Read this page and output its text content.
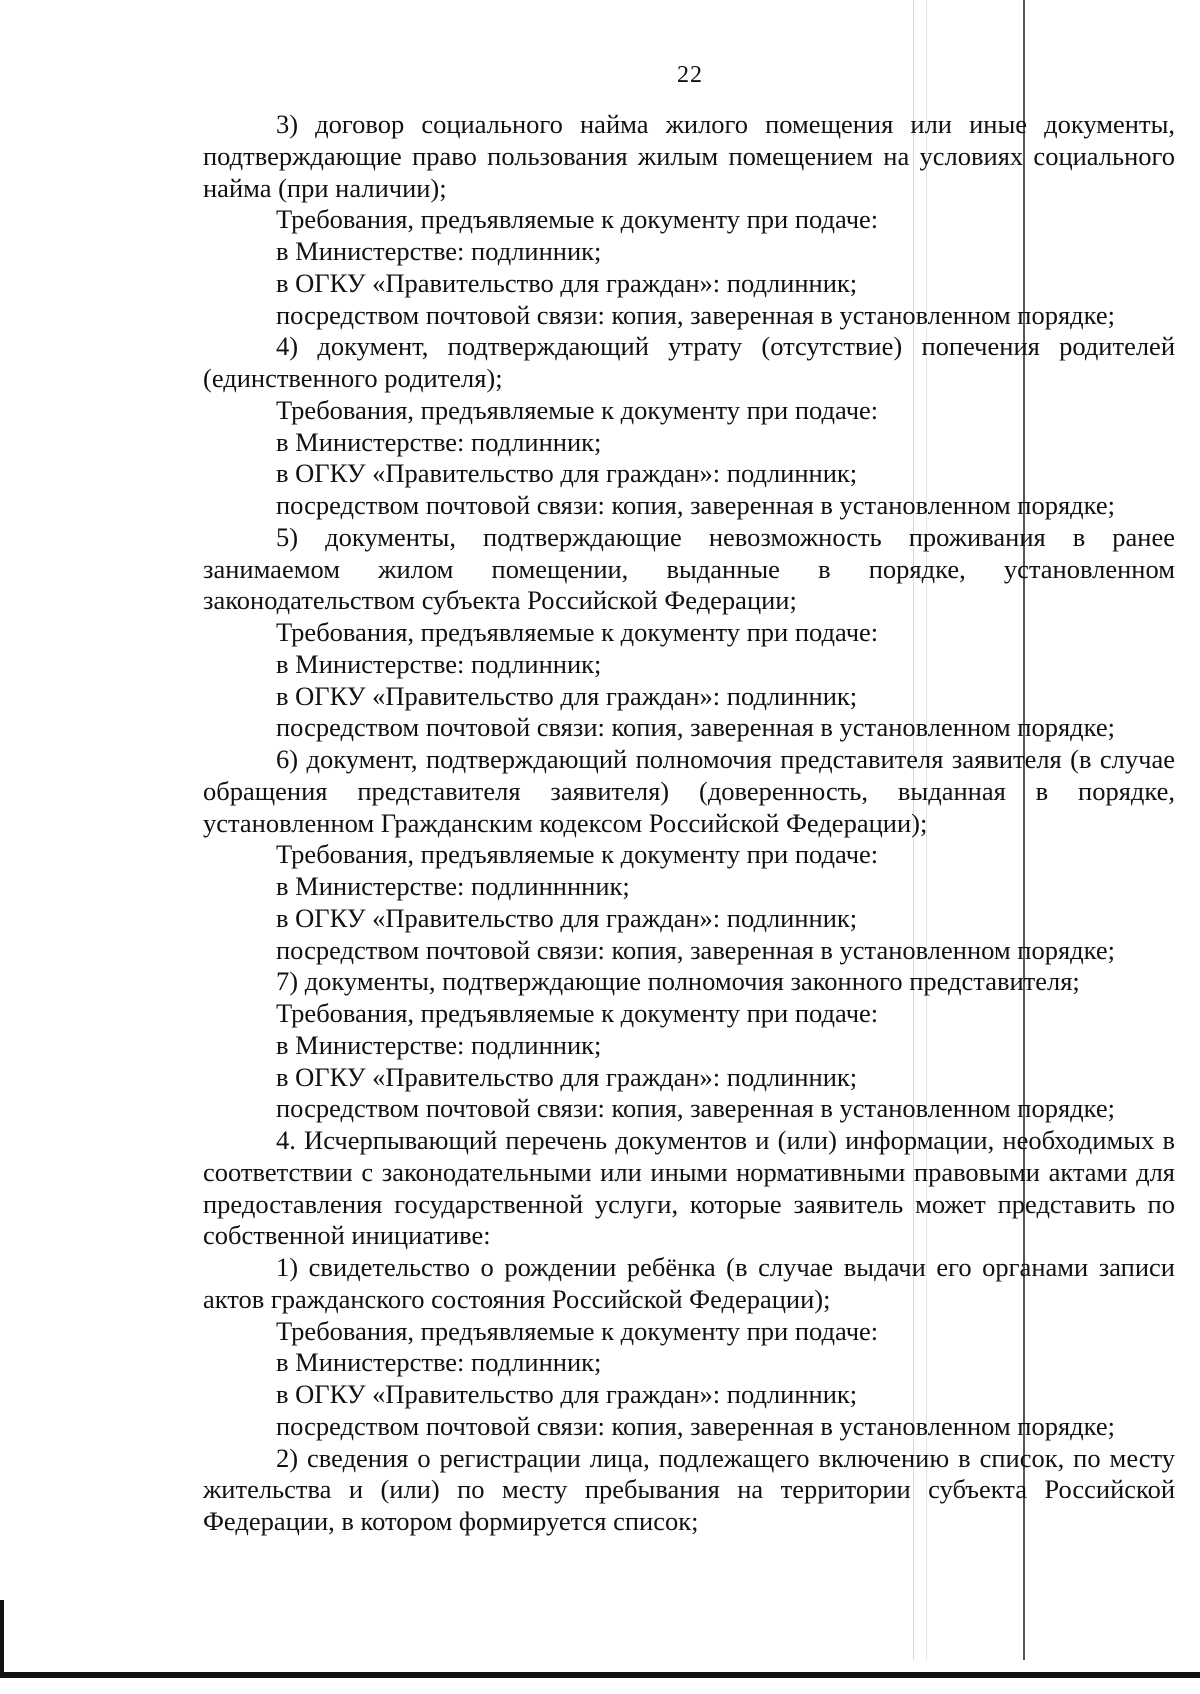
22

3) договор социального найма жилого помещения или иные документы, подтверждающие право пользования жилым помещением на условиях социального найма (при наличии);

Требования, предъявляемые к документу при подаче:

в Министерстве: подлинник;

в ОГКУ «Правительство для граждан»: подлинник;

посредством почтовой связи: копия, заверенная в установленном порядке;

4) документ, подтверждающий утрату (отсутствие) попечения родителей (единственного родителя);

Требования, предъявляемые к документу при подаче:

в Министерстве: подлинник;

в ОГКУ «Правительство для граждан»: подлинник;

посредством почтовой связи: копия, заверенная в установленном порядке;

5) документы, подтверждающие невозможность проживания в ранее занимаемом жилом помещении, выданные в порядке, установленном законодательством субъекта Российской Федерации;

Требования, предъявляемые к документу при подаче:

в Министерстве: подлинник;

в ОГКУ «Правительство для граждан»: подлинник;

посредством почтовой связи: копия, заверенная в установленном порядке;

6) документ, подтверждающий полномочия представителя заявителя (в случае обращения представителя заявителя) (доверенность, выданная в порядке, установленном Гражданским кодексом Российской Федерации);

Требования, предъявляемые к документу при подаче:

в Министерстве: подлинннник;

в ОГКУ «Правительство для граждан»: подлинник;

посредством почтовой связи: копия, заверенная в установленном порядке;

7) документы, подтверждающие полномочия законного представителя;

Требования, предъявляемые к документу при подаче:

в Министерстве: подлинник;

в ОГКУ «Правительство для граждан»: подлинник;

посредством почтовой связи: копия, заверенная в установленном порядке;

4. Исчерпывающий перечень документов и (или) информации, необходимых в соответствии с законодательными или иными нормативными правовыми актами для предоставления государственной услуги, которые заявитель может представить по собственной инициативе:

1) свидетельство о рождении ребёнка (в случае выдачи его органами записи актов гражданского состояния Российской Федерации);

Требования, предъявляемые к документу при подаче:

в Министерстве: подлинник;

в ОГКУ «Правительство для граждан»: подлинник;

посредством почтовой связи: копия, заверенная в установленном порядке;

2) сведения о регистрации лица, подлежащего включению в список, по месту жительства и (или) по месту пребывания на территории субъекта Российской Федерации, в котором формируется список;
